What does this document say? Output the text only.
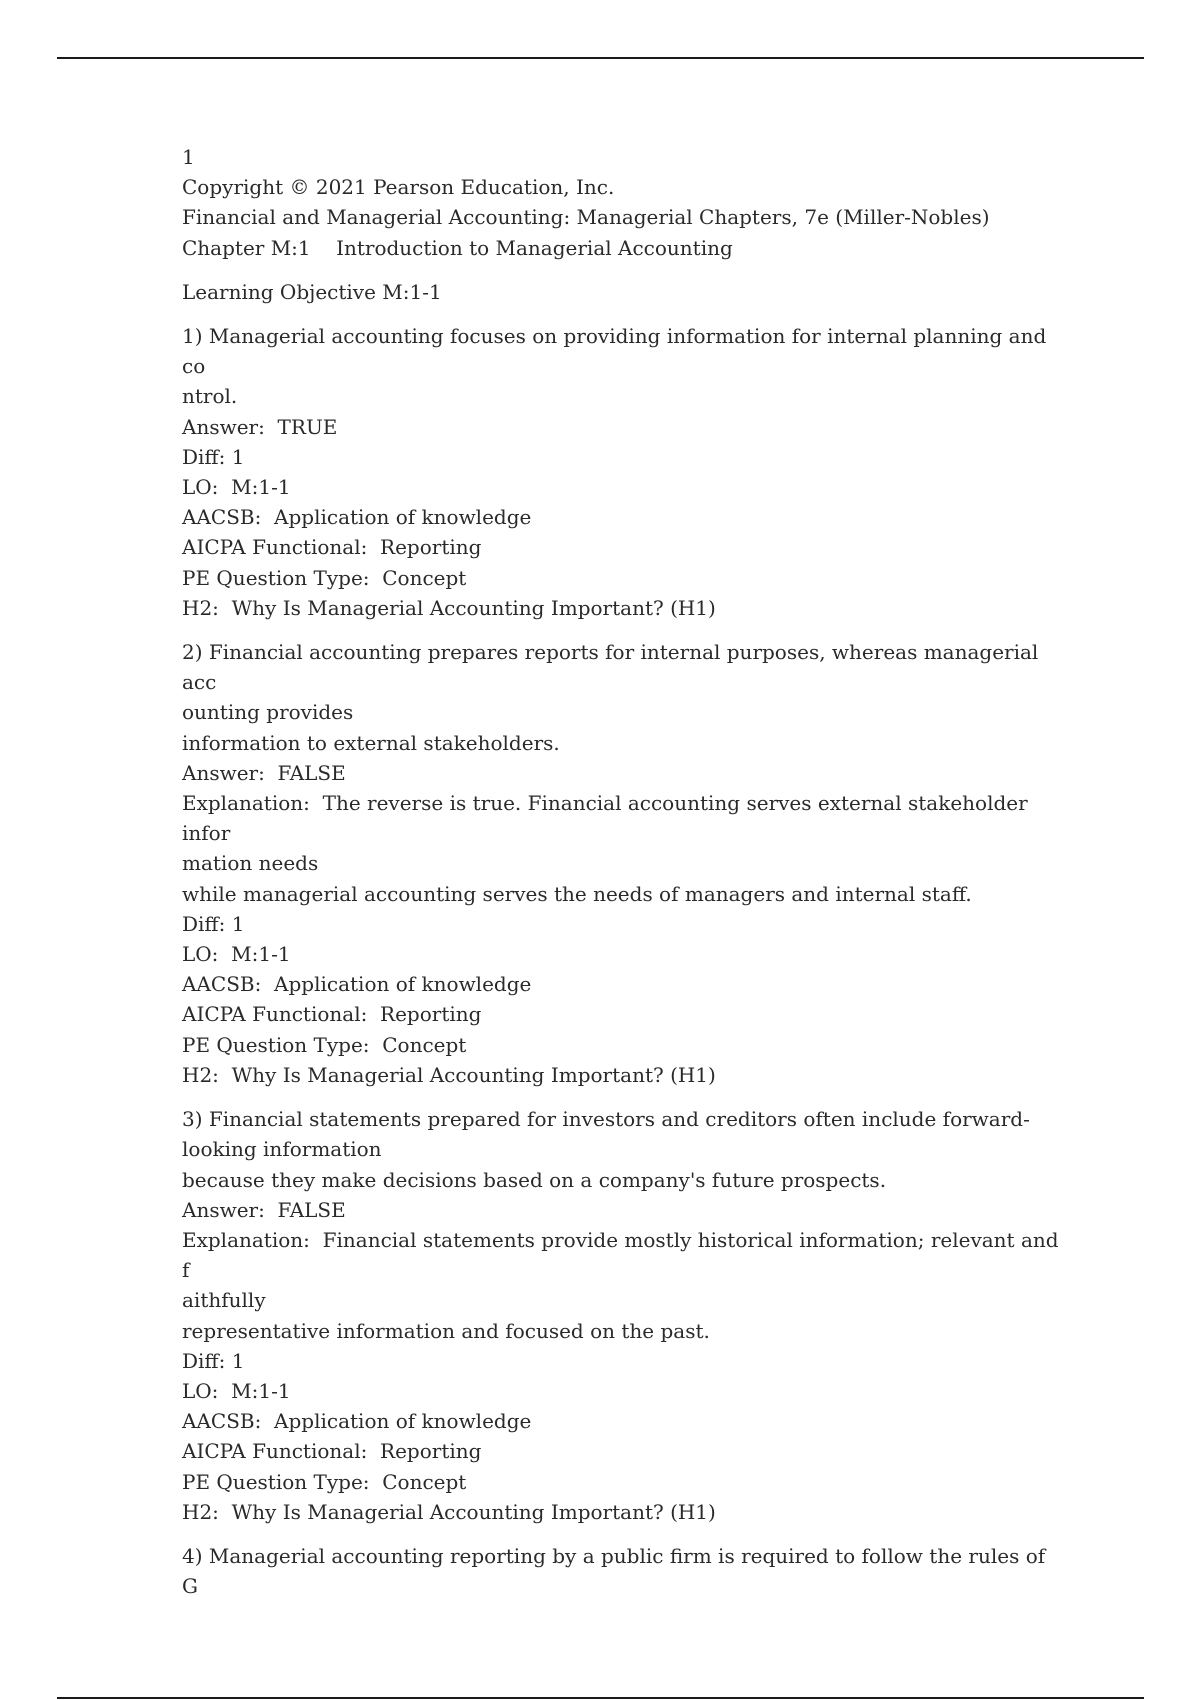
1
Copyright © 2021 Pearson Education, Inc.
Financial and Managerial Accounting: Managerial Chapters, 7e (Miller-Nobles)
Chapter M:1    Introduction to Managerial Accounting
Learning Objective M:1-1
1) Managerial accounting focuses on providing information for internal planning and co
ntrol.
Answer:  TRUE
Diff: 1
LO:  M:1-1
AACSB:  Application of knowledge
AICPA Functional:  Reporting
PE Question Type:  Concept
H2:  Why Is Managerial Accounting Important? (H1)
2) Financial accounting prepares reports for internal purposes, whereas managerial acc
ounting provides
information to external stakeholders.
Answer:  FALSE
Explanation:  The reverse is true. Financial accounting serves external stakeholder infor
mation needs
while managerial accounting serves the needs of managers and internal staff.
Diff: 1
LO:  M:1-1
AACSB:  Application of knowledge
AICPA Functional:  Reporting
PE Question Type:  Concept
H2:  Why Is Managerial Accounting Important? (H1)
3) Financial statements prepared for investors and creditors often include forward-
looking information
because they make decisions based on a company's future prospects.
Answer:  FALSE
Explanation:  Financial statements provide mostly historical information; relevant and f
aithfully
representative information and focused on the past.
Diff: 1
LO:  M:1-1
AACSB:  Application of knowledge
AICPA Functional:  Reporting
PE Question Type:  Concept
H2:  Why Is Managerial Accounting Important? (H1)
4) Managerial accounting reporting by a public firm is required to follow the rules of G
